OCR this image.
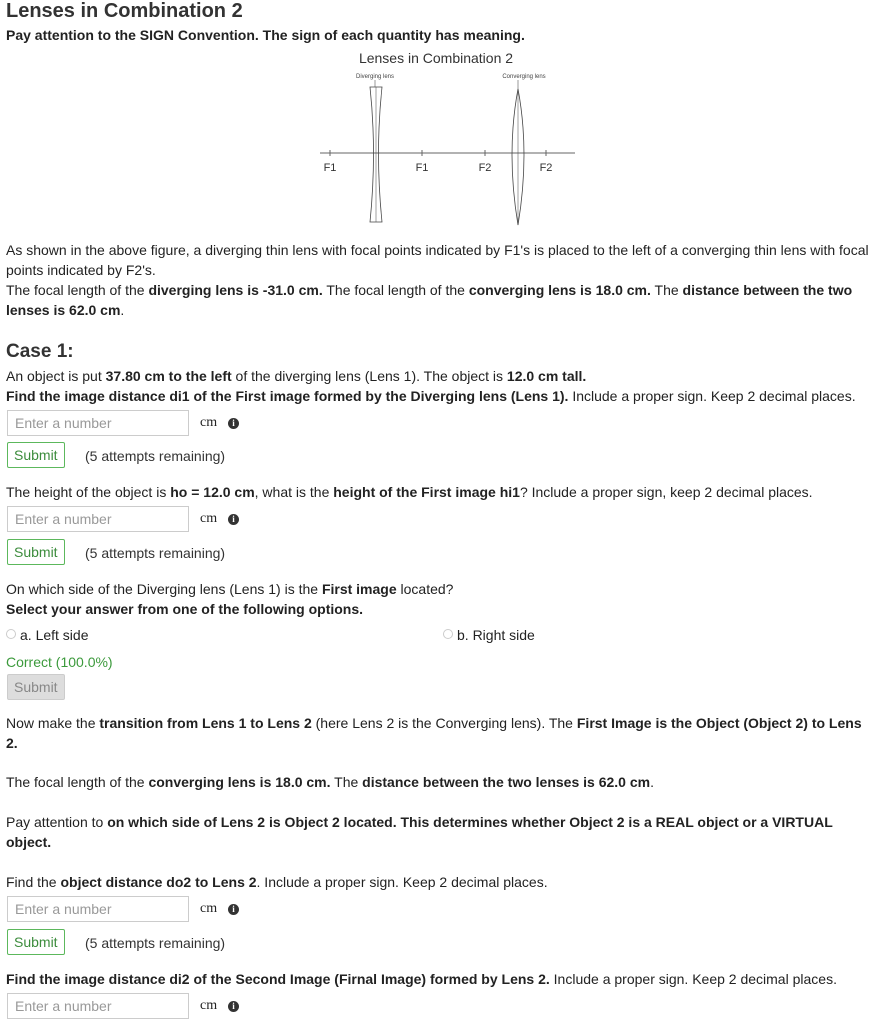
Lenses in Combination 2
Pay attention to the SIGN Convention. The sign of each quantity has meaning.
Lenses in Combination 2
Diverging lens	Converging lens
F1	F1	F2	F2
As shown in the above figure, a diverging thin lens with focal points indicated by F1's is placed to the left of a converging thin lens with focal points indicated by F2's.
The focal length of the diverging lens is -31.0 cm. The focal length of the converging lens is 18.0 cm. The distance between the two lenses is 62.0 cm.
Case 1:
An object is put 37.80 cm to the left of the diverging lens (Lens 1). The object is 12.0 cm tall.
Find the image distance di1 of the First image formed by the Diverging lens (Lens 1). Include a proper sign. Keep 2 decimal places.
Enter a number
cm	i
Submit	(5 attempts remaining)
The height of the object is ho = 12.0 cm, what is the height of the First image hi1? Include a proper sign, keep 2 decimal places.
Enter a number
cm	i
Submit	(5 attempts remaining)
On which side of the Diverging lens (Lens 1) is the First image located?
Select your answer from one of the following options.
a. Left side	b. Right side
Correct (100.0%)
Submit
Now make the transition from Lens 1 to Lens 2 (here Lens 2 is the Converging lens). The First Image is the Object (Object 2) to Lens 2.
The focal length of the converging lens is 18.0 cm. The distance between the two lenses is 62.0 cm.
Pay attention to on which side of Lens 2 is Object 2 located. This determines whether Object 2 is a REAL object or a VIRTUAL object.
Find the object distance do2 to Lens 2. Include a proper sign. Keep 2 decimal places.
Enter a number
cm	i
Submit	(5 attempts remaining)
Find the image distance di2 of the Second Image (Firnal Image) formed by Lens 2. Include a proper sign. Keep 2 decimal places.
Enter a number
cm	i
